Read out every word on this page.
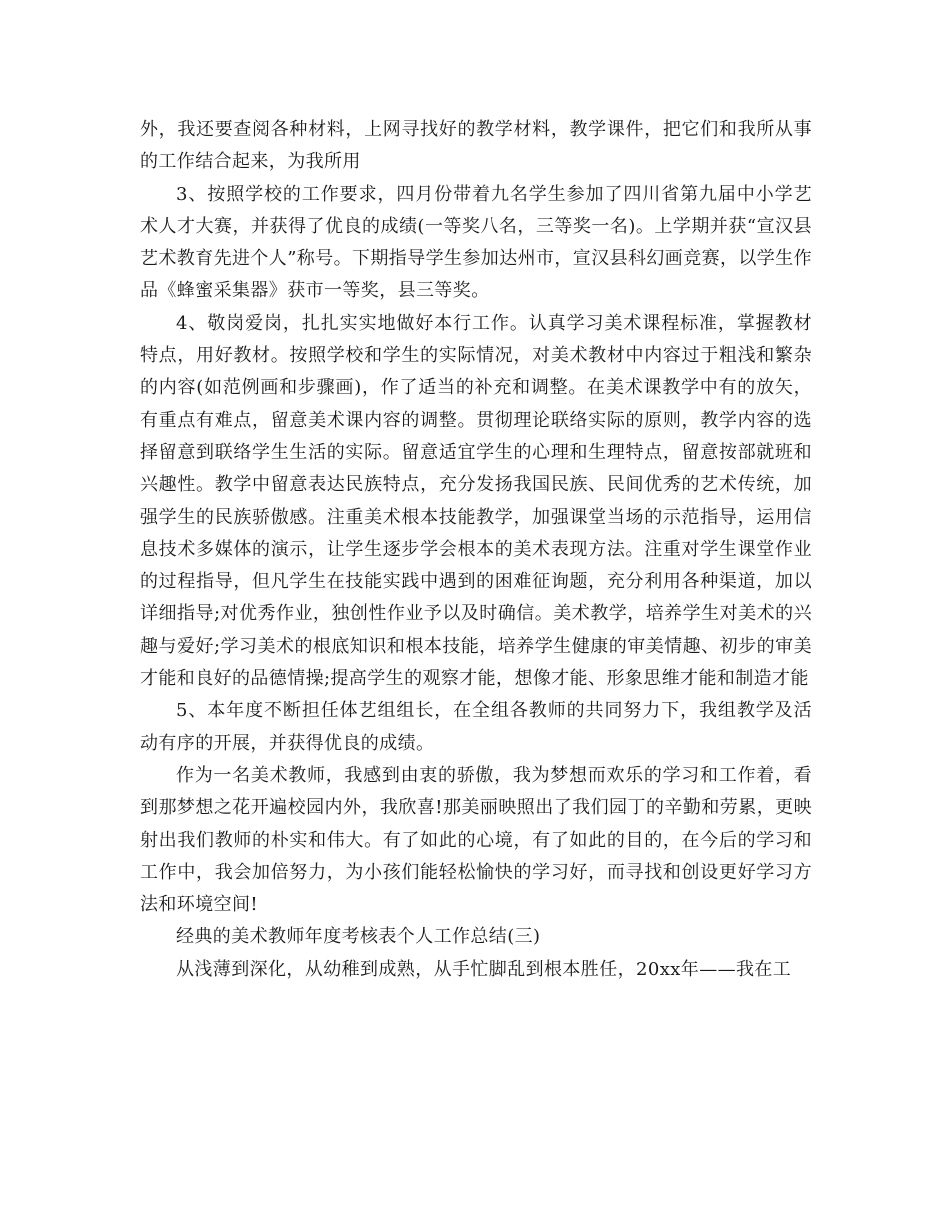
外，我还要查阅各种材料，上网寻找好的教学材料，教学课件，把它们和我所从事的工作结合起来，为我所用

3、按照学校的工作要求，四月份带着九名学生参加了四川省第九届中小学艺术人才大赛，并获得了优良的成绩(一等奖八名，三等奖一名)。上学期并获“宣汉县艺术教育先进个人”称号。下期指导学生参加达州市，宣汉县科幻画竞赛，以学生作品《蜂蜜采集器》获市一等奖，县三等奖。

4、敬岗爱岗，扎扎实实地做好本行工作。认真学习美术课程标准，掌握教材特点，用好教材。按照学校和学生的实际情况，对美术教材中内容过于粗浅和繁杂的内容(如范例画和步骤画)，作了适当的补充和调整。在美术课教学中有的放矢，有重点有难点，留意美术课内容的调整。贯彻理论联络实际的原则，教学内容的选择留意到联络学生生活的实际。留意适宜学生的心理和生理特点，留意按部就班和兴趣性。教学中留意表达民族特点，充分发扬我国民族、民间优秀的艺术传统，加强学生的民族骄傲感。注重美术根本技能教学，加强课堂当场的示范指导，运用信息技术多媒体的演示，让学生逐步学会根本的美术表现方法。注重对学生课堂作业的过程指导，但凡学生在技能实践中遇到的困难征询题，充分利用各种渠道，加以详细指导;对优秀作业，独创性作业予以及时确信。美术教学，培养学生对美术的兴趣与爱好;学习美术的根底知识和根本技能，培养学生健康的审美情趣、初步的审美才能和良好的品德情操;提高学生的观察才能，想像才能、形象思维才能和制造才能

5、本年度不断担任体艺组组长，在全组各教师的共同努力下，我组教学及活动有序的开展，并获得优良的成绩。

作为一名美术教师，我感到由衷的骄傲，我为梦想而欢乐的学习和工作着，看到那梦想之花开遍校园内外，我欣喜!那美丽映照出了我们园丁的辛勤和劳累，更映射出我们教师的朴实和伟大。有了如此的心境，有了如此的目的，在今后的学习和工作中，我会加倍努力，为小孩们能轻松愉快的学习好，而寻找和创设更好学习方法和环境空间!

经典的美术教师年度考核表个人工作总结(三)

从浅薄到深化，从幼稚到成熟，从手忙脚乱到根本胜任，20xx年——我在工
